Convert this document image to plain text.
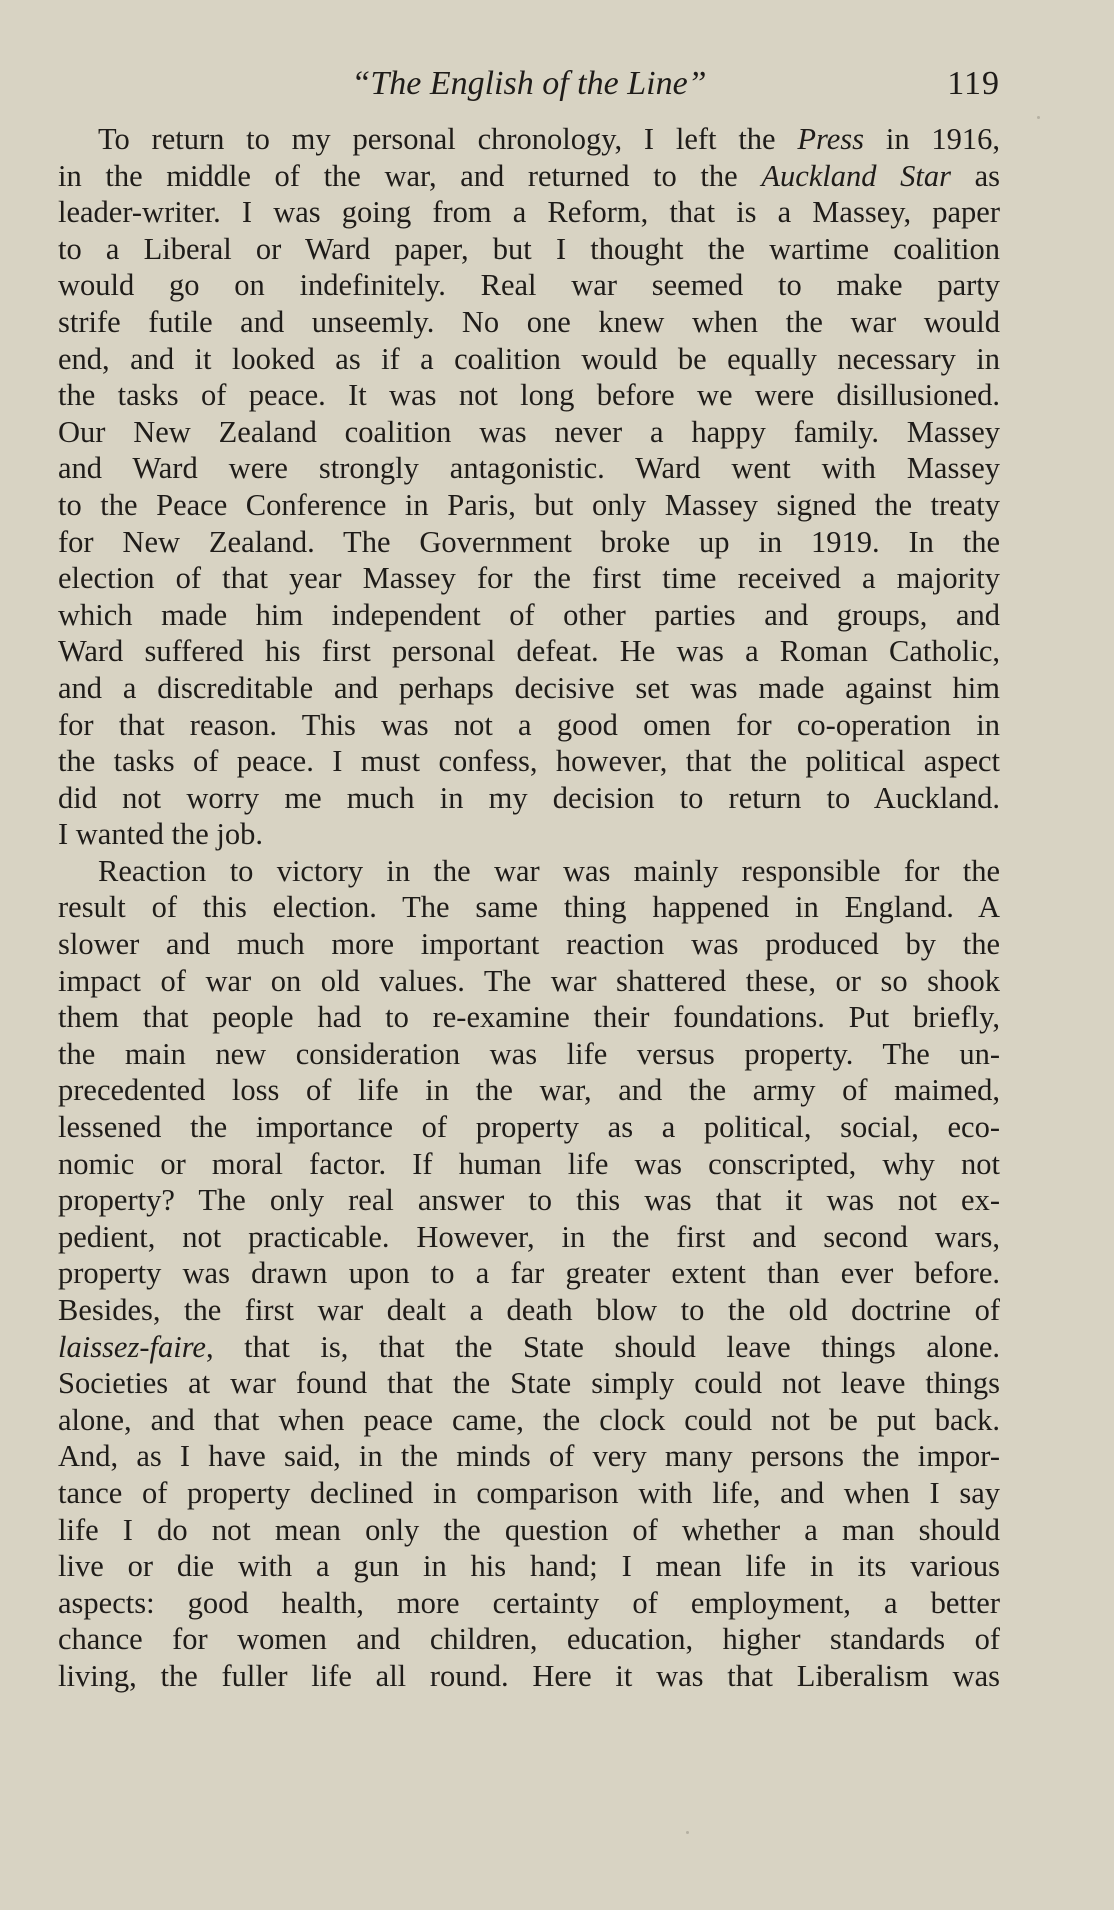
“The English of the Line”	119
To return to my personal chronology, I left the Press in 1916,
in the middle of the war, and returned to the Auckland Star as
leader-writer. I was going from a Reform, that is a Massey, paper
to a Liberal or Ward paper, but I thought the wartime coalition
would go on indefinitely. Real war seemed to make party
strife futile and unseemly. No one knew when the war would
end, and it looked as if a coalition would be equally necessary in
the tasks of peace. It was not long before we were disillusioned.
Our New Zealand coalition was never a happy family. Massey
and Ward were strongly antagonistic. Ward went with Massey
to the Peace Conference in Paris, but only Massey signed the treaty
for New Zealand. The Government broke up in 1919. In the
election of that year Massey for the first time received a majority
which made him independent of other parties and groups, and
Ward suffered his first personal defeat. He was a Roman Catholic,
and a discreditable and perhaps decisive set was made against him
for that reason. This was not a good omen for co-operation in
the tasks of peace. I must confess, however, that the political aspect
did not worry me much in my decision to return to Auckland.
I wanted the job.
Reaction to victory in the war was mainly responsible for the
result of this election. The same thing happened in England. A
slower and much more important reaction was produced by the
impact of war on old values. The war shattered these, or so shook
them that people had to re-examine their foundations. Put briefly,
the main new consideration was life versus property. The un-
precedented loss of life in the war, and the army of maimed,
lessened the importance of property as a political, social, eco-
nomic or moral factor. If human life was conscripted, why not
property? The only real answer to this was that it was not ex-
pedient, not practicable. However, in the first and second wars,
property was drawn upon to a far greater extent than ever before.
Besides, the first war dealt a death blow to the old doctrine of
laissez-faire, that is, that the State should leave things alone.
Societies at war found that the State simply could not leave things
alone, and that when peace came, the clock could not be put back.
And, as I have said, in the minds of very many persons the impor-
tance of property declined in comparison with life, and when I say
life I do not mean only the question of whether a man should
live or die with a gun in his hand; I mean life in its various
aspects: good health, more certainty of employment, a better
chance for women and children, education, higher standards of
living, the fuller life all round. Here it was that Liberalism was
